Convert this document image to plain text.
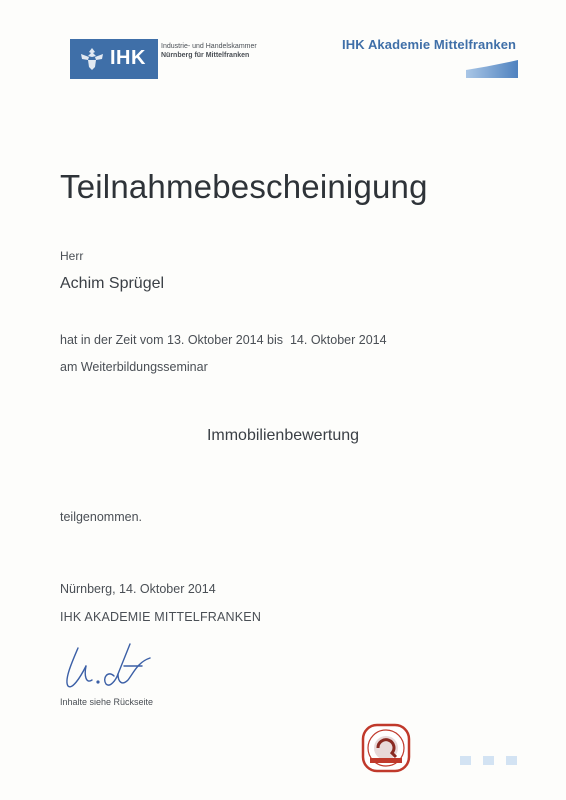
IHK
Industrie- und Handelskammer
Nürnberg für Mittelfranken
IHK Akademie Mittelfranken
Teilnahmebescheinigung
Herr
Achim Sprügel
hat in der Zeit vom 13. Oktober 2014 bis  14. Oktober 2014
am Weiterbildungsseminar
Immobilienbewertung
teilgenommen.
Nürnberg, 14. Oktober 2014
IHK AKADEMIE MITTELFRANKEN
Inhalte siehe Rückseite
